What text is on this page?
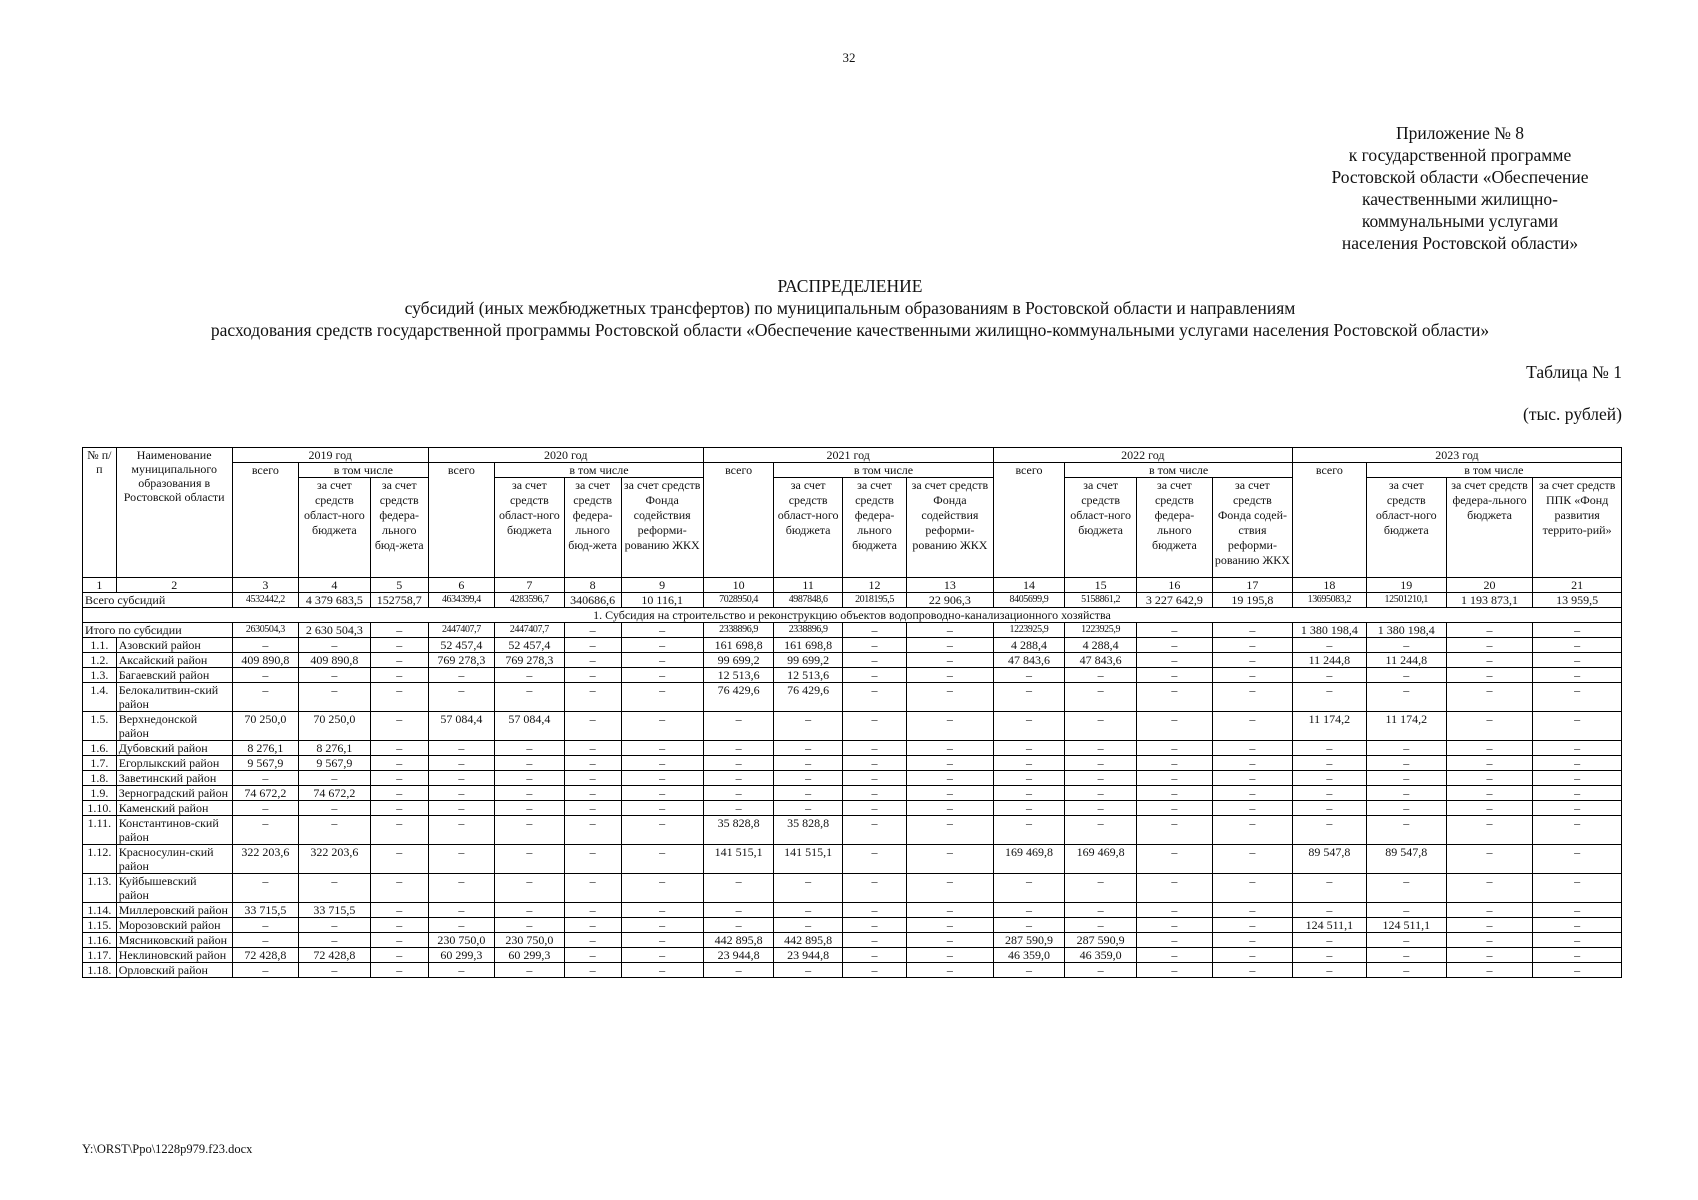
32
Приложение № 8
к государственной программе
Ростовской области «Обеспечение
качественными жилищно-
коммунальными услугами
населения Ростовской области»
РАСПРЕДЕЛЕНИЕ
субсидий (иных межбюджетных трансфертов) по муниципальным образованиям в Ростовской области и направлениям
расходования средств государственной программы Ростовской области «Обеспечение качественными жилищно-коммунальными услугами населения Ростовской области»
Таблица № 1
(тыс. рублей)
№ п/п	Наименование муниципального образования в Ростовской области	2019 год			2020 год				2021 год				2022 год				2023 год			
		всего	в том числе		всего	в том числе			всего	в том числе			всего	в том числе			всего	в том числе		
			за счет средств област-ного бюджета	за счет средств федера-льного бюд-жета		за счет средств област-ного бюджета	за счет средств федера-льного бюд-жета	за счет средств Фонда содействия реформи-рованию ЖКХ		за счет средств област-ного бюджета	за счет средств федера-льного бюджета	за счет средств Фонда содействия реформи-рованию ЖКХ		за счет средств област-ного бюджета	за счет средств федера-льного бюджета	за счет средств Фонда содей-ствия реформи-рованию ЖКХ		за счет средств област-ного бюджета	за счет средств федера-льного бюджета	за счет средств ППК «Фонд развития террито-рий»
1	2	3	4	5	6	7	8	9	10	11	12	13	14	15	16	17	18	19	20	21
Всего субсидий		4532442,2	4 379 683,5	152758,7	4634399,4	4283596,7	340686,6	10 116,1	7028950,4	4987848,6	2018195,5	22 906,3	8405699,9	5158861,2	3 227 642,9	19 195,8	13695083,2	12501210,1	1 193 873,1	13 959,5
1. Субсидия на строительство и реконструкцию объектов водопроводно-канализационного хозяйства																				
Итого по субсидии		2630504,3	2 630 504,3	–	2447407,7	2447407,7	–	–	2338896,9	2338896,9	–	–	1223925,9	1223925,9	–	–	1 380 198,4	1 380 198,4	–	–
1.1.	Азовский район	–	–	–	52 457,4	52 457,4	–	–	161 698,8	161 698,8	–	–	4 288,4	4 288,4	–	–	–	–	–	–
1.2.	Аксайский район	409 890,8	409 890,8	–	769 278,3	769 278,3	–	–	99 699,2	99 699,2	–	–	47 843,6	47 843,6	–	–	11 244,8	11 244,8	–	–
1.3.	Багаевский район	–	–	–	–	–	–	–	12 513,6	12 513,6	–	–	–	–	–	–	–	–	–	–
1.4.	Белокалитвин-ский район	–	–	–	–	–	–	–	76 429,6	76 429,6	–	–	–	–	–	–	–	–	–	–
1.5.	Верхнедонской район	70 250,0	70 250,0	–	57 084,4	57 084,4	–	–	–	–	–	–	–	–	–	–	11 174,2	11 174,2	–	–
1.6.	Дубовский район	8 276,1	8 276,1	–	–	–	–	–	–	–	–	–	–	–	–	–	–	–	–	–
1.7.	Егорлыкский район	9 567,9	9 567,9	–	–	–	–	–	–	–	–	–	–	–	–	–	–	–	–	–
1.8.	Заветинский район	–	–	–	–	–	–	–	–	–	–	–	–	–	–	–	–	–	–	–
1.9.	Зерноградский район	74 672,2	74 672,2	–	–	–	–	–	–	–	–	–	–	–	–	–	–	–	–	–
1.10.	Каменский район	–	–	–	–	–	–	–	–	–	–	–	–	–	–	–	–	–	–	–
1.11.	Константинов-ский район	–	–	–	–	–	–	–	35 828,8	35 828,8	–	–	–	–	–	–	–	–	–	–
1.12.	Красносулин-ский район	322 203,6	322 203,6	–	–	–	–	–	141 515,1	141 515,1	–	–	169 469,8	169 469,8	–	–	89 547,8	89 547,8	–	–
1.13.	Куйбышевский район	–	–	–	–	–	–	–	–	–	–	–	–	–	–	–	–	–	–	–
1.14.	Миллеровский район	33 715,5	33 715,5	–	–	–	–	–	–	–	–	–	–	–	–	–	–	–	–	–
1.15.	Морозовский район	–	–	–	–	–	–	–	–	–	–	–	–	–	–	–	124 511,1	124 511,1	–	–
1.16.	Мясниковский район	–	–	–	230 750,0	230 750,0	–	–	442 895,8	442 895,8	–	–	287 590,9	287 590,9	–	–	–	–	–	–
1.17.	Неклиновский район	72 428,8	72 428,8	–	60 299,3	60 299,3	–	–	23 944,8	23 944,8	–	–	46 359,0	46 359,0	–	–	–	–	–	–
1.18.	Орловский район	–	–	–	–	–	–	–	–	–	–	–	–	–	–	–	–	–	–	–
Y:\ORST\Ppo\1228p979.f23.docx
